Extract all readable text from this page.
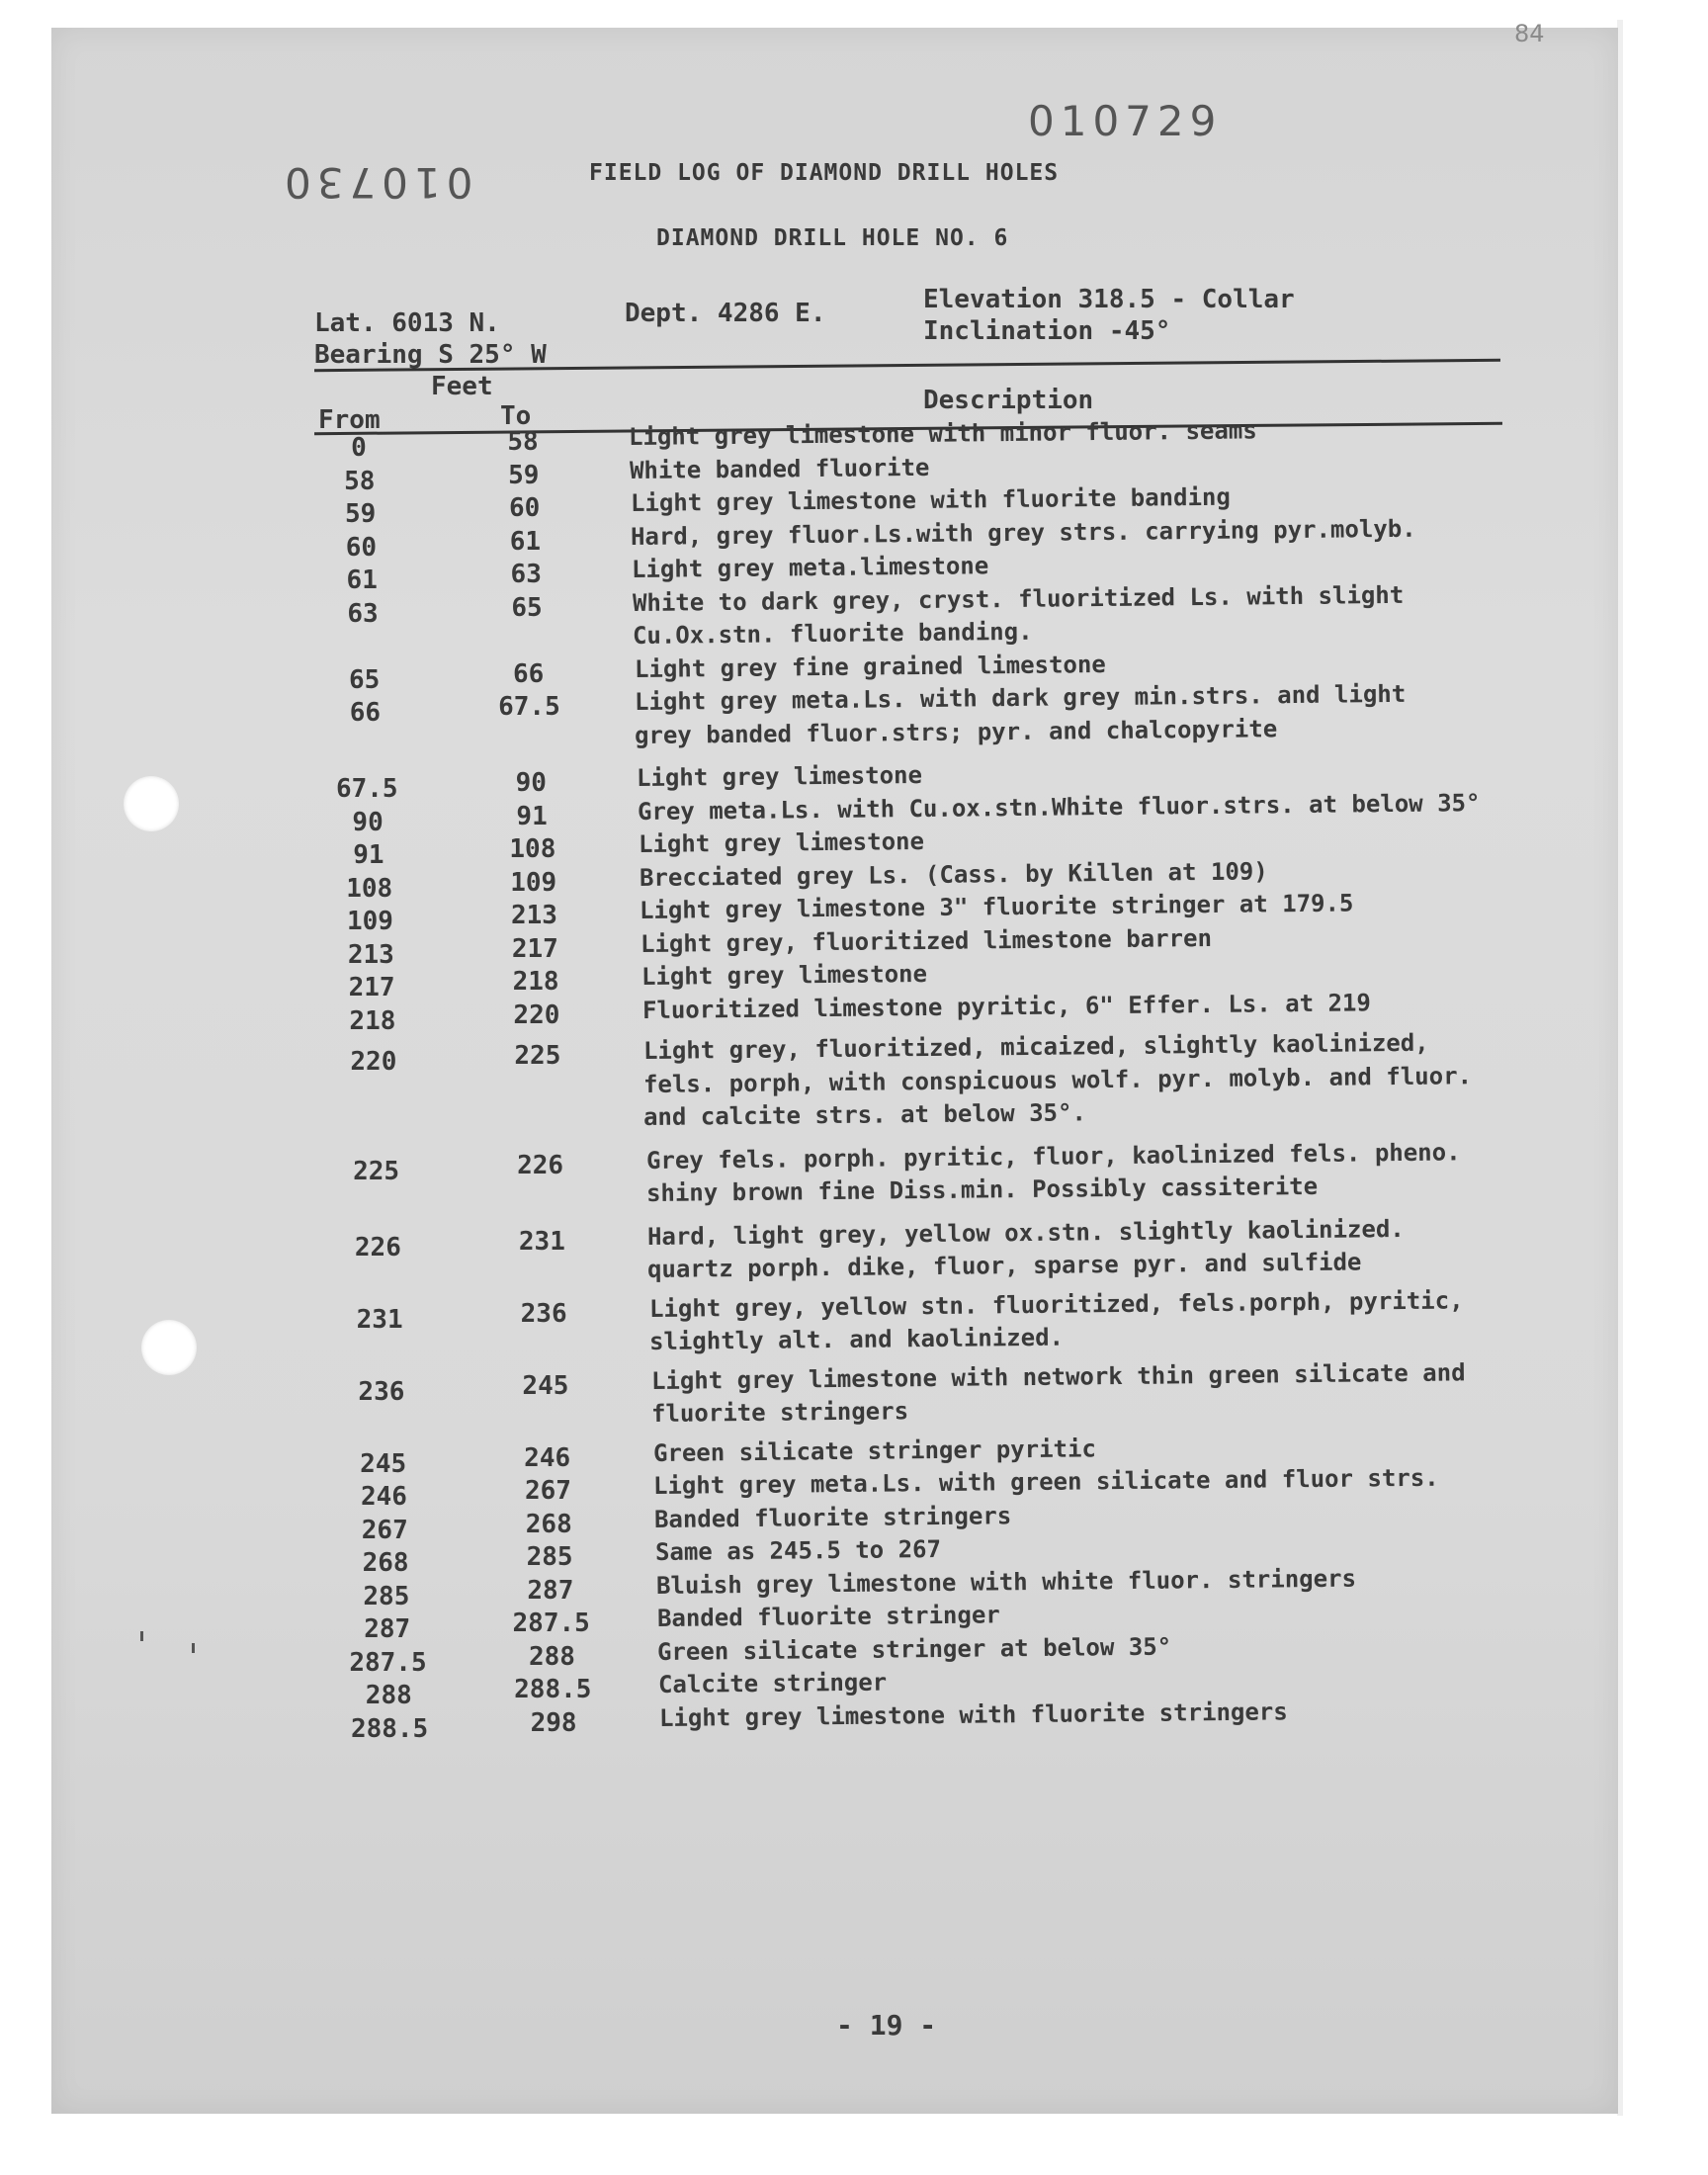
84
010729
010730	FIELD LOG OF DIAMOND DRILL HOLES
DIAMOND DRILL HOLE NO. 6
Lat. 6013 N.	Dept. 4286 E.	Elevation 318.5 - Collar
Inclination -45°
Bearing S 25° W
Feet
From	To
Description
0	58	Light grey limestone with minor fluor. seams
58	59	White banded fluorite
59	60	Light grey limestone with fluorite banding
60	61	Hard, grey fluor.Ls.with grey strs. carrying pyr.molyb.
61	63	Light grey meta.limestone
63	65	White to dark grey, cryst. fluoritized Ls. with slight
Cu.Ox.stn. fluorite banding.
65	66	Light grey fine grained limestone
66	67.5	Light grey meta.Ls. with dark grey min.strs. and light
grey banded fluor.strs; pyr. and chalcopyrite
67.5	90	Light grey limestone
90	91	Grey meta.Ls. with Cu.ox.stn.White fluor.strs. at below 35°
91	108	Light grey limestone
108	109	Brecciated grey Ls. (Cass. by Killen at 109)
109	213	Light grey limestone 3" fluorite stringer at 179.5
213	217	Light grey, fluoritized limestone barren
217	218	Light grey limestone
218	220	Fluoritized limestone pyritic, 6" Effer. Ls. at 219
220	225	Light grey, fluoritized, micaized, slightly kaolinized,
fels. porph, with conspicuous wolf. pyr. molyb. and fluor.
and calcite strs. at below 35°.
225	226	Grey fels. porph. pyritic, fluor, kaolinized fels. pheno.
shiny brown fine Diss.min. Possibly cassiterite
226	231	Hard, light grey, yellow ox.stn. slightly kaolinized.
quartz porph. dike, fluor, sparse pyr. and sulfide
231	236	Light grey, yellow stn. fluoritized, fels.porph, pyritic,
slightly alt. and kaolinized.
236	245	Light grey limestone with network thin green silicate and
fluorite stringers
245	246	Green silicate stringer pyritic
246	267	Light grey meta.Ls. with green silicate and fluor strs.
267	268	Banded fluorite stringers
268	285	Same as 245.5 to 267
285	287	Bluish grey limestone with white fluor. stringers
287	287.5	Banded fluorite stringer
287.5	288	Green silicate stringer at below 35°
288	288.5	Calcite stringer
288.5	298	Light grey limestone with fluorite stringers
- 19 -
